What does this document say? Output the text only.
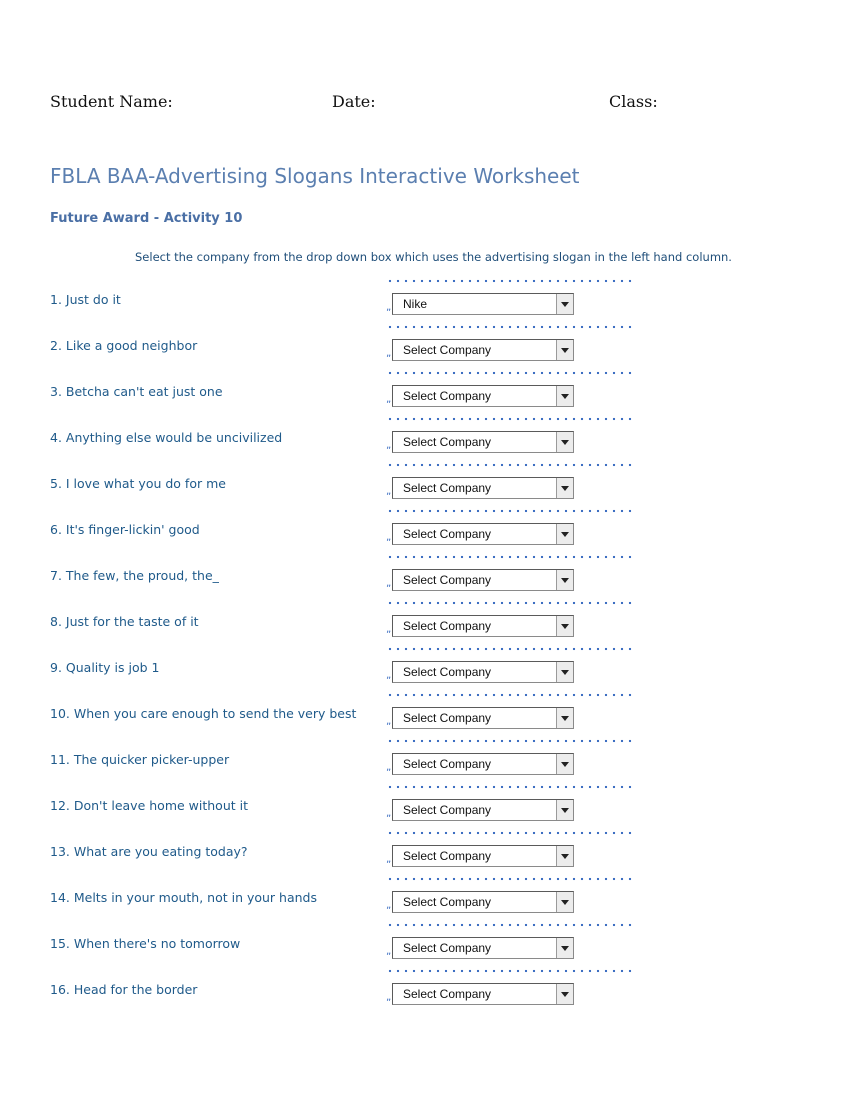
Student Name:	Date:	Class:
FBLA BAA-Advertising Slogans Interactive Worksheet
Future Award - Activity 10
Select the company from the drop down box which uses the advertising slogan in the left hand column.
1. Just do it
„ Nike
2. Like a good neighbor
„ Select Company
3. Betcha can't eat just one
„ Select Company
4. Anything else would be uncivilized
„ Select Company
5. I love what you do for me
„ Select Company
6. It's finger-lickin' good
„ Select Company
7. The few, the proud, the_
„ Select Company
8. Just for the taste of it
„ Select Company
9. Quality is job 1
„ Select Company
10. When you care enough to send the very best
„ Select Company
11. The quicker picker-upper
„ Select Company
12. Don't leave home without it
„ Select Company
13. What are you eating today?
„ Select Company
14. Melts in your mouth, not in your hands
„ Select Company
15. When there's no tomorrow
„ Select Company
16. Head for the border
„ Select Company
